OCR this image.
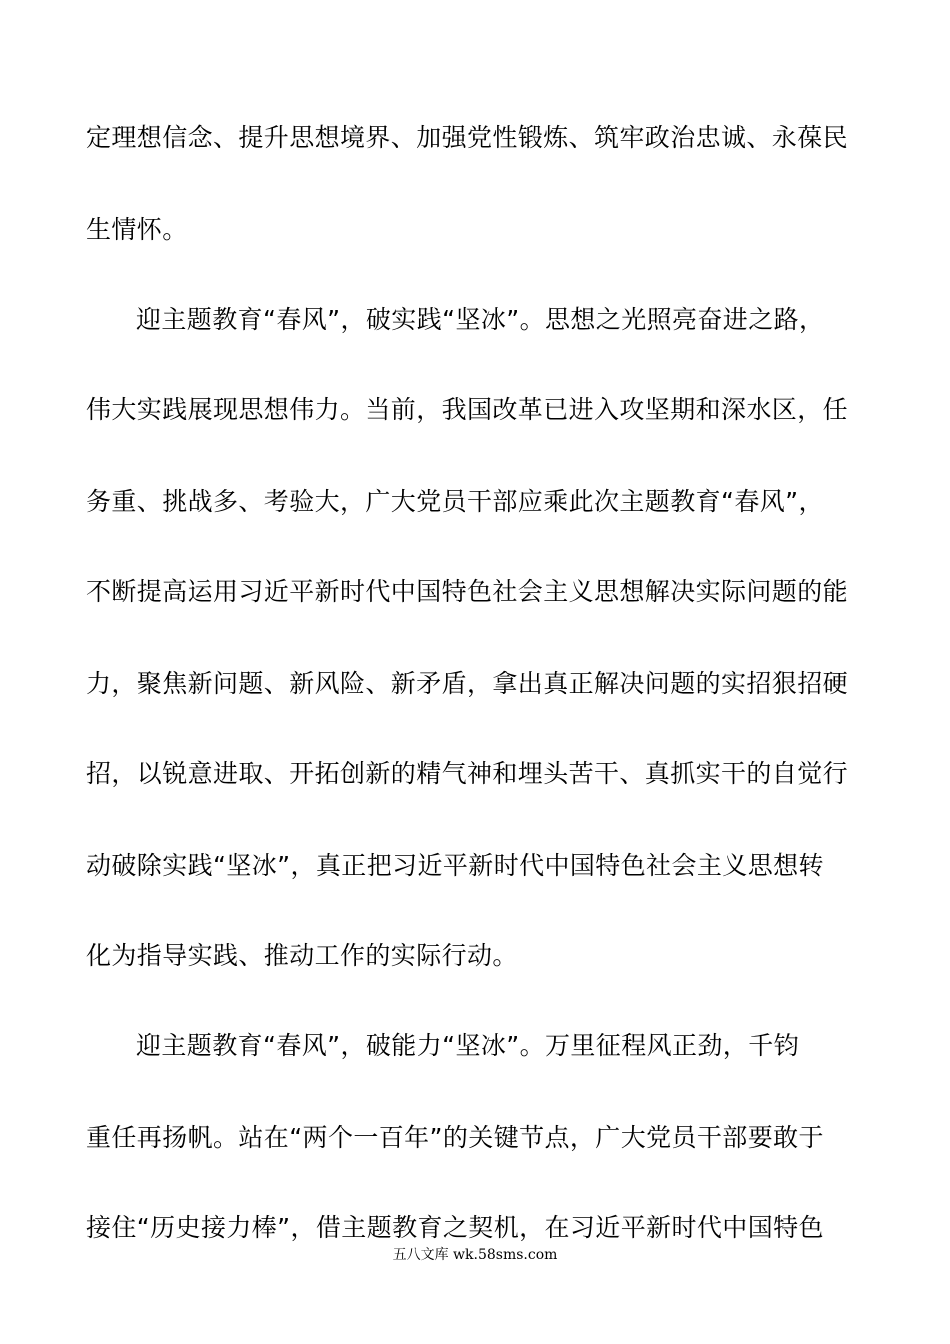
定理想信念、提升思想境界、加强党性锻炼、筑牢政治忠诚、永葆民
生情怀。
迎主题教育“春风”，破实践“坚冰”。思想之光照亮奋进之路，
伟大实践展现思想伟力。当前，我国改革已进入攻坚期和深水区，任
务重、挑战多、考验大，广大党员干部应乘此次主题教育“春风”，
不断提高运用习近平新时代中国特色社会主义思想解决实际问题的能
力，聚焦新问题、新风险、新矛盾，拿出真正解决问题的实招狠招硬
招，以锐意进取、开拓创新的精气神和埋头苦干、真抓实干的自觉行
动破除实践“坚冰”，真正把习近平新时代中国特色社会主义思想转
化为指导实践、推动工作的实际行动。
迎主题教育“春风”，破能力“坚冰”。万里征程风正劲，千钧
重任再扬帆。站在“两个一百年”的关键节点，广大党员干部要敢于
接住“历史接力棒”，借主题教育之契机，在习近平新时代中国特色
五八文库 wk.58sms.com
